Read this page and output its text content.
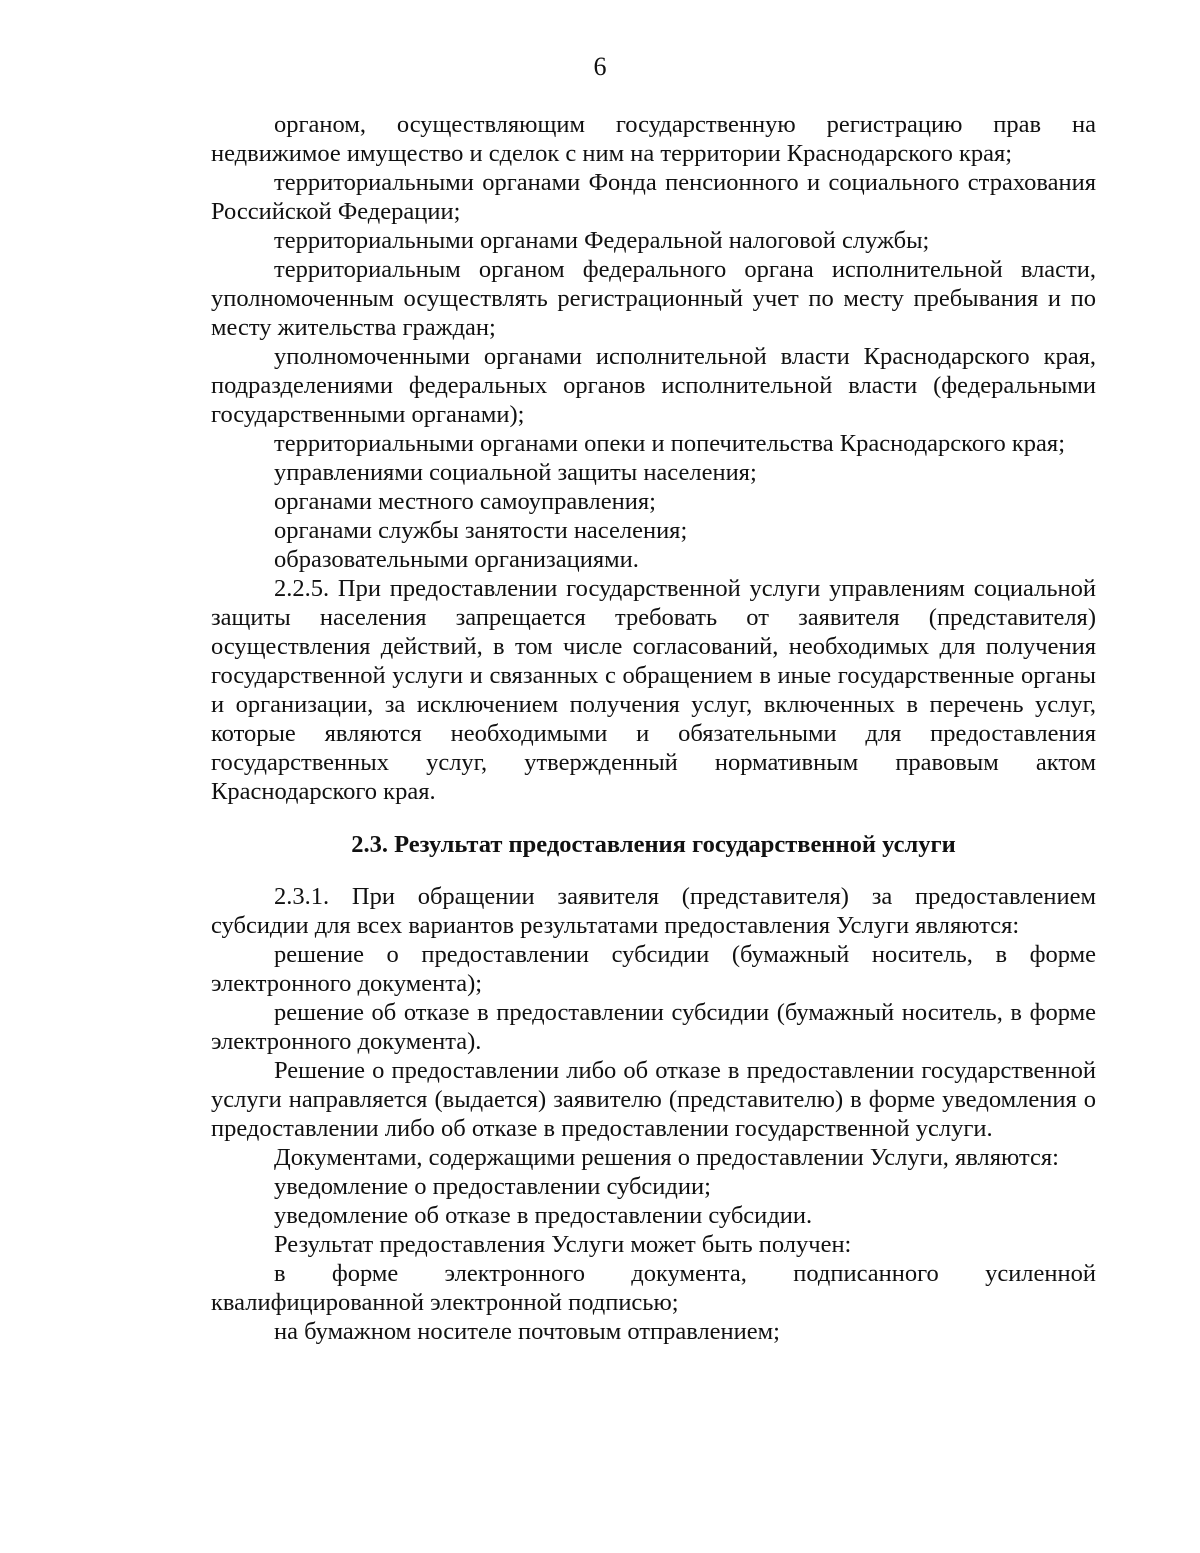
6

органом, осуществляющим государственную регистрацию прав на недвижимое имущество и сделок с ним на территории Краснодарского края;

территориальными органами Фонда пенсионного и социального страхования Российской Федерации;

территориальными органами Федеральной налоговой службы;

территориальным органом федерального органа исполнительной власти, уполномоченным осуществлять регистрационный учет по месту пребывания и по месту жительства граждан;

уполномоченными органами исполнительной власти Краснодарского края, подразделениями федеральных органов исполнительной власти (федеральными государственными органами);

территориальными органами опеки и попечительства Краснодарского края;

управлениями социальной защиты населения;

органами местного самоуправления;

органами службы занятости населения;

образовательными организациями.

2.2.5. При предоставлении государственной услуги управлениям социальной защиты населения запрещается требовать от заявителя (представителя) осуществления действий, в том числе согласований, необходимых для получения государственной услуги и связанных с обращением в иные государственные органы и организации, за исключением получения услуг, включенных в перечень услуг, которые являются необходимыми и обязательными для предоставления государственных услуг, утвержденный нормативным правовым актом Краснодарского края.

2.3. Результат предоставления государственной услуги

2.3.1. При обращении заявителя (представителя) за предоставлением субсидии для всех вариантов результатами предоставления Услуги являются:

решение о предоставлении субсидии (бумажный носитель, в форме электронного документа);

решение об отказе в предоставлении субсидии (бумажный носитель, в форме электронного документа).

Решение о предоставлении либо об отказе в предоставлении государственной услуги направляется (выдается) заявителю (представителю) в форме уведомления о предоставлении либо об отказе в предоставлении государственной услуги.

Документами, содержащими решения о предоставлении Услуги, являются:

уведомление о предоставлении субсидии;

уведомление об отказе в предоставлении субсидии.

Результат предоставления Услуги может быть получен:

в форме электронного документа, подписанного усиленной квалифицированной электронной подписью;

на бумажном носителе почтовым отправлением;
